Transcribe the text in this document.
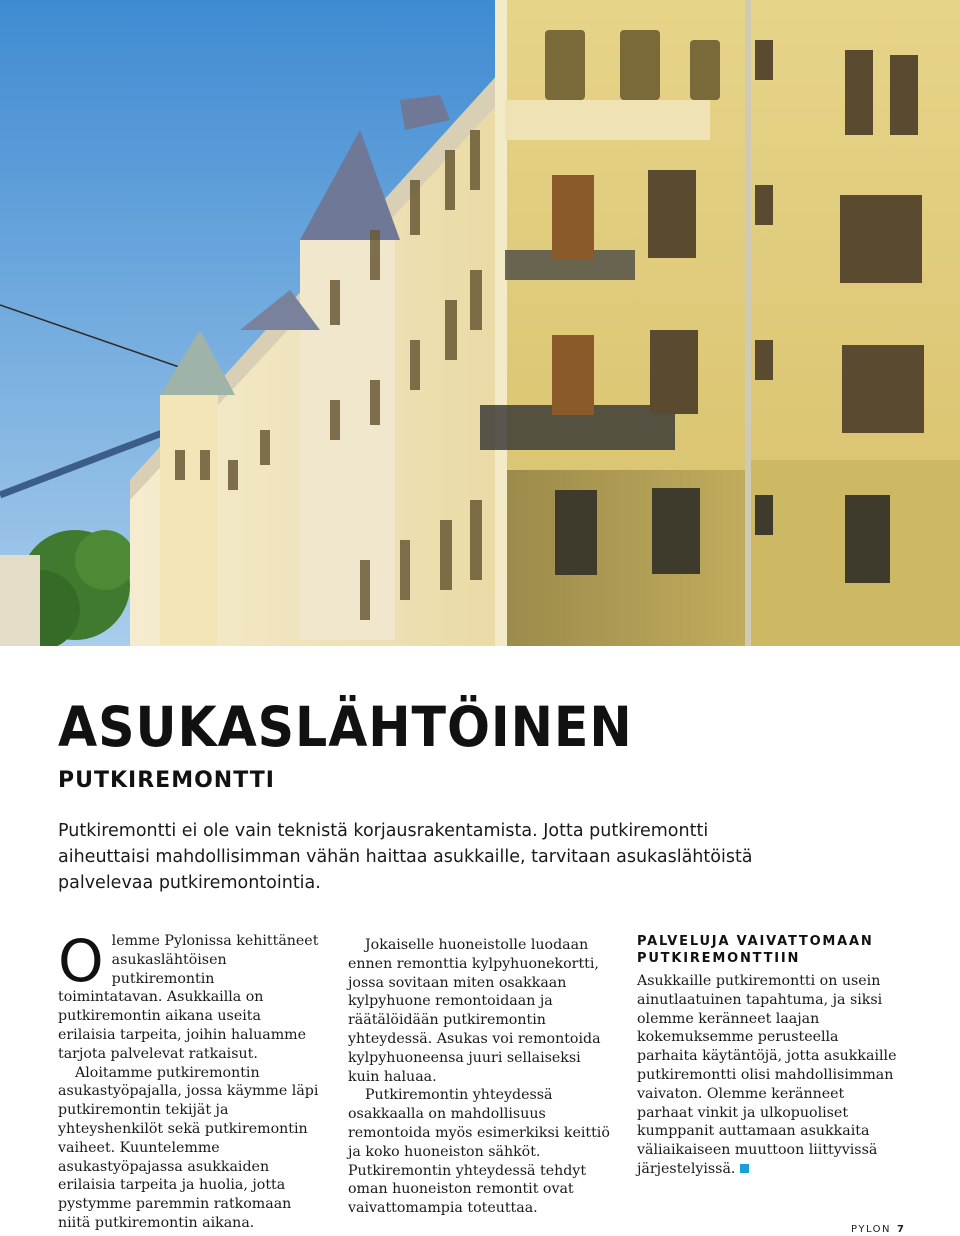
ASUKASLÄHTÖINEN
PUTKIREMONTTI

Putkiremontti ei ole vain teknistä korjausrakentamista. Jotta putkiremontti aiheuttaisi mahdollisimman vähän haittaa asukkaille, tarvitaan asukaslähtöistä palvelevaa putkiremontointia.

Olemme Pylonissa kehittäneet asukaslähtöisen putkiremontin toimintatavan. Asukkailla on putkiremontin aikana useita erilaisia tarpeita, joihin haluamme tarjota palvelevat ratkaisut.

Aloitamme putkiremontin asukastyöpajalla, jossa käymme läpi putkiremontin tekijät ja yhteyshenkilöt sekä putkiremontin vaiheet. Kuuntelemme asukastyöpajassa asukkaiden erilaisia tarpeita ja huolia, jotta pystymme paremmin ratkomaan niitä putkiremontin aikana.

Jokaiselle huoneistolle luodaan ennen remonttia kylpyhuonekortti, jossa sovitaan miten osakkaan kylpyhuone remontoidaan ja räätälöidään putkiremontin yhteydessä. Asukas voi remontoida kylpyhuoneensa juuri sellaiseksi kuin haluaa.

Putkiremontin yhteydessä osakkaalla on mahdollisuus remontoida myös esimerkiksi keittiö ja koko huoneiston sähköt. Putkiremontin yhteydessä tehdyt oman huoneiston remontit ovat vaivattomampia toteuttaa.

PALVELUJA VAIVATTOMAAN PUTKIREMONTTIIN

Asukkaille putkiremontti on usein ainutlaatuinen tapahtuma, ja siksi olemme keränneet laajan kokemuksemme perusteella parhaita käytäntöjä, jotta asukkaille putkiremontti olisi mahdollisimman vaivaton. Olemme keränneet parhaat vinkit ja ulkopuoliset kumppanit auttamaan asukkaita väliaikaiseen muuttoon liittyvissä järjestelyissä.

PYLON 7
